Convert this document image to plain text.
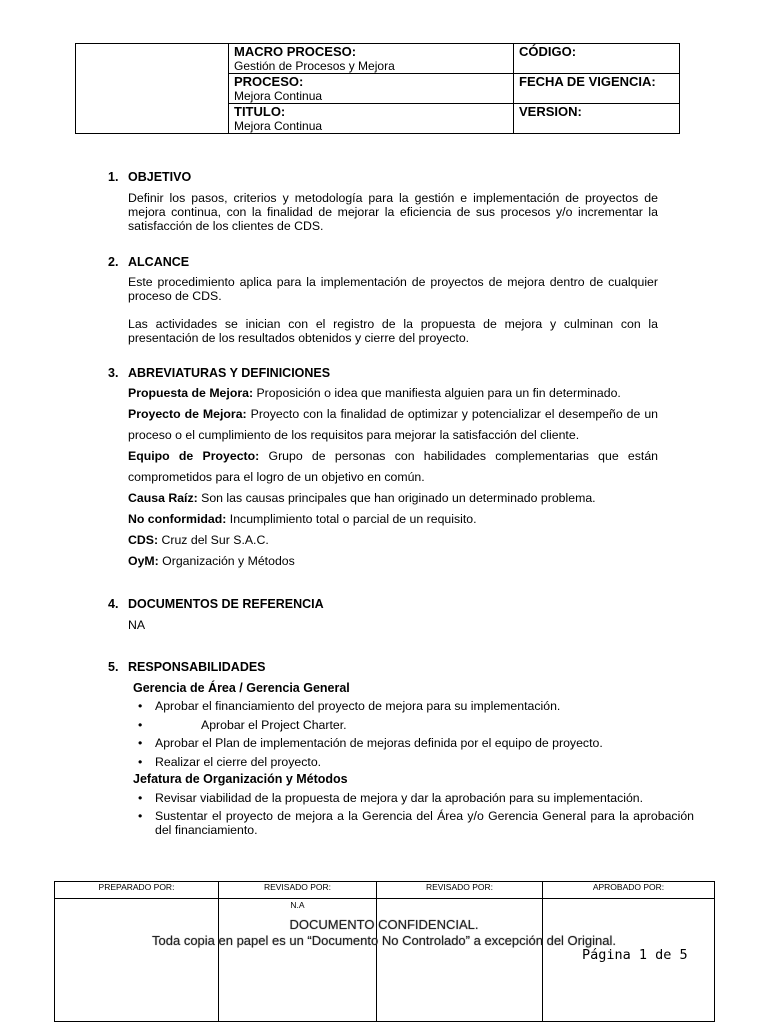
	MACRO PROCESO:
Gestión de Procesos y Mejora	CÓDIGO:

	PROCESO:
Mejora Continua	FECHA DE VIGENCIA:

	TITULO:
Mejora Continua	VERSION:
1. OBJETIVO
Definir los pasos, criterios y metodología para la gestión e implementación de proyectos de mejora continua, con la finalidad de mejorar la eficiencia de sus procesos y/o incrementar la satisfacción de los clientes de CDS.
2. ALCANCE
Este procedimiento aplica para la implementación de proyectos de mejora dentro de cualquier proceso de CDS.
Las actividades se inician con el registro de la propuesta de mejora y culminan con la presentación de los resultados obtenidos y cierre del proyecto.
3. ABREVIATURAS Y DEFINICIONES
Propuesta de Mejora: Proposición o idea que manifiesta alguien para un fin determinado.
Proyecto de Mejora: Proyecto con la finalidad de optimizar y potencializar el desempeño de un proceso o el cumplimiento de los requisitos para mejorar la satisfacción del cliente.
Equipo de Proyecto: Grupo de personas con habilidades complementarias que están comprometidos para el logro de un objetivo en común.
Causa Raíz: Son las causas principales que han originado un determinado problema.
No conformidad: Incumplimiento total o parcial de un requisito.
CDS: Cruz del Sur S.A.C.
OyM: Organización y Métodos
4. DOCUMENTOS DE REFERENCIA
NA
5. RESPONSABILIDADES
Gerencia de Área / Gerencia General
• Aprobar el financiamiento del proyecto de mejora para su implementación.
•	Aprobar el Project Charter.
• Aprobar el Plan de implementación de mejoras definida por el equipo de proyecto.
• Realizar el cierre del proyecto.
Jefatura de Organización y Métodos
• Revisar viabilidad de la propuesta de mejora y dar la aprobación para su implementación.
• Sustentar el proyecto de mejora a la Gerencia del Área y/o Gerencia General para la aprobación del financiamiento.
PREPARADO POR:	REVISADO POR:	REVISADO POR:	APROBADO POR:

	N.A		

DOCUMENTO CONFIDENCIAL.
Toda copia en papel es un “Documento No Controlado” a excepción del Original.
Página 1 de 5
